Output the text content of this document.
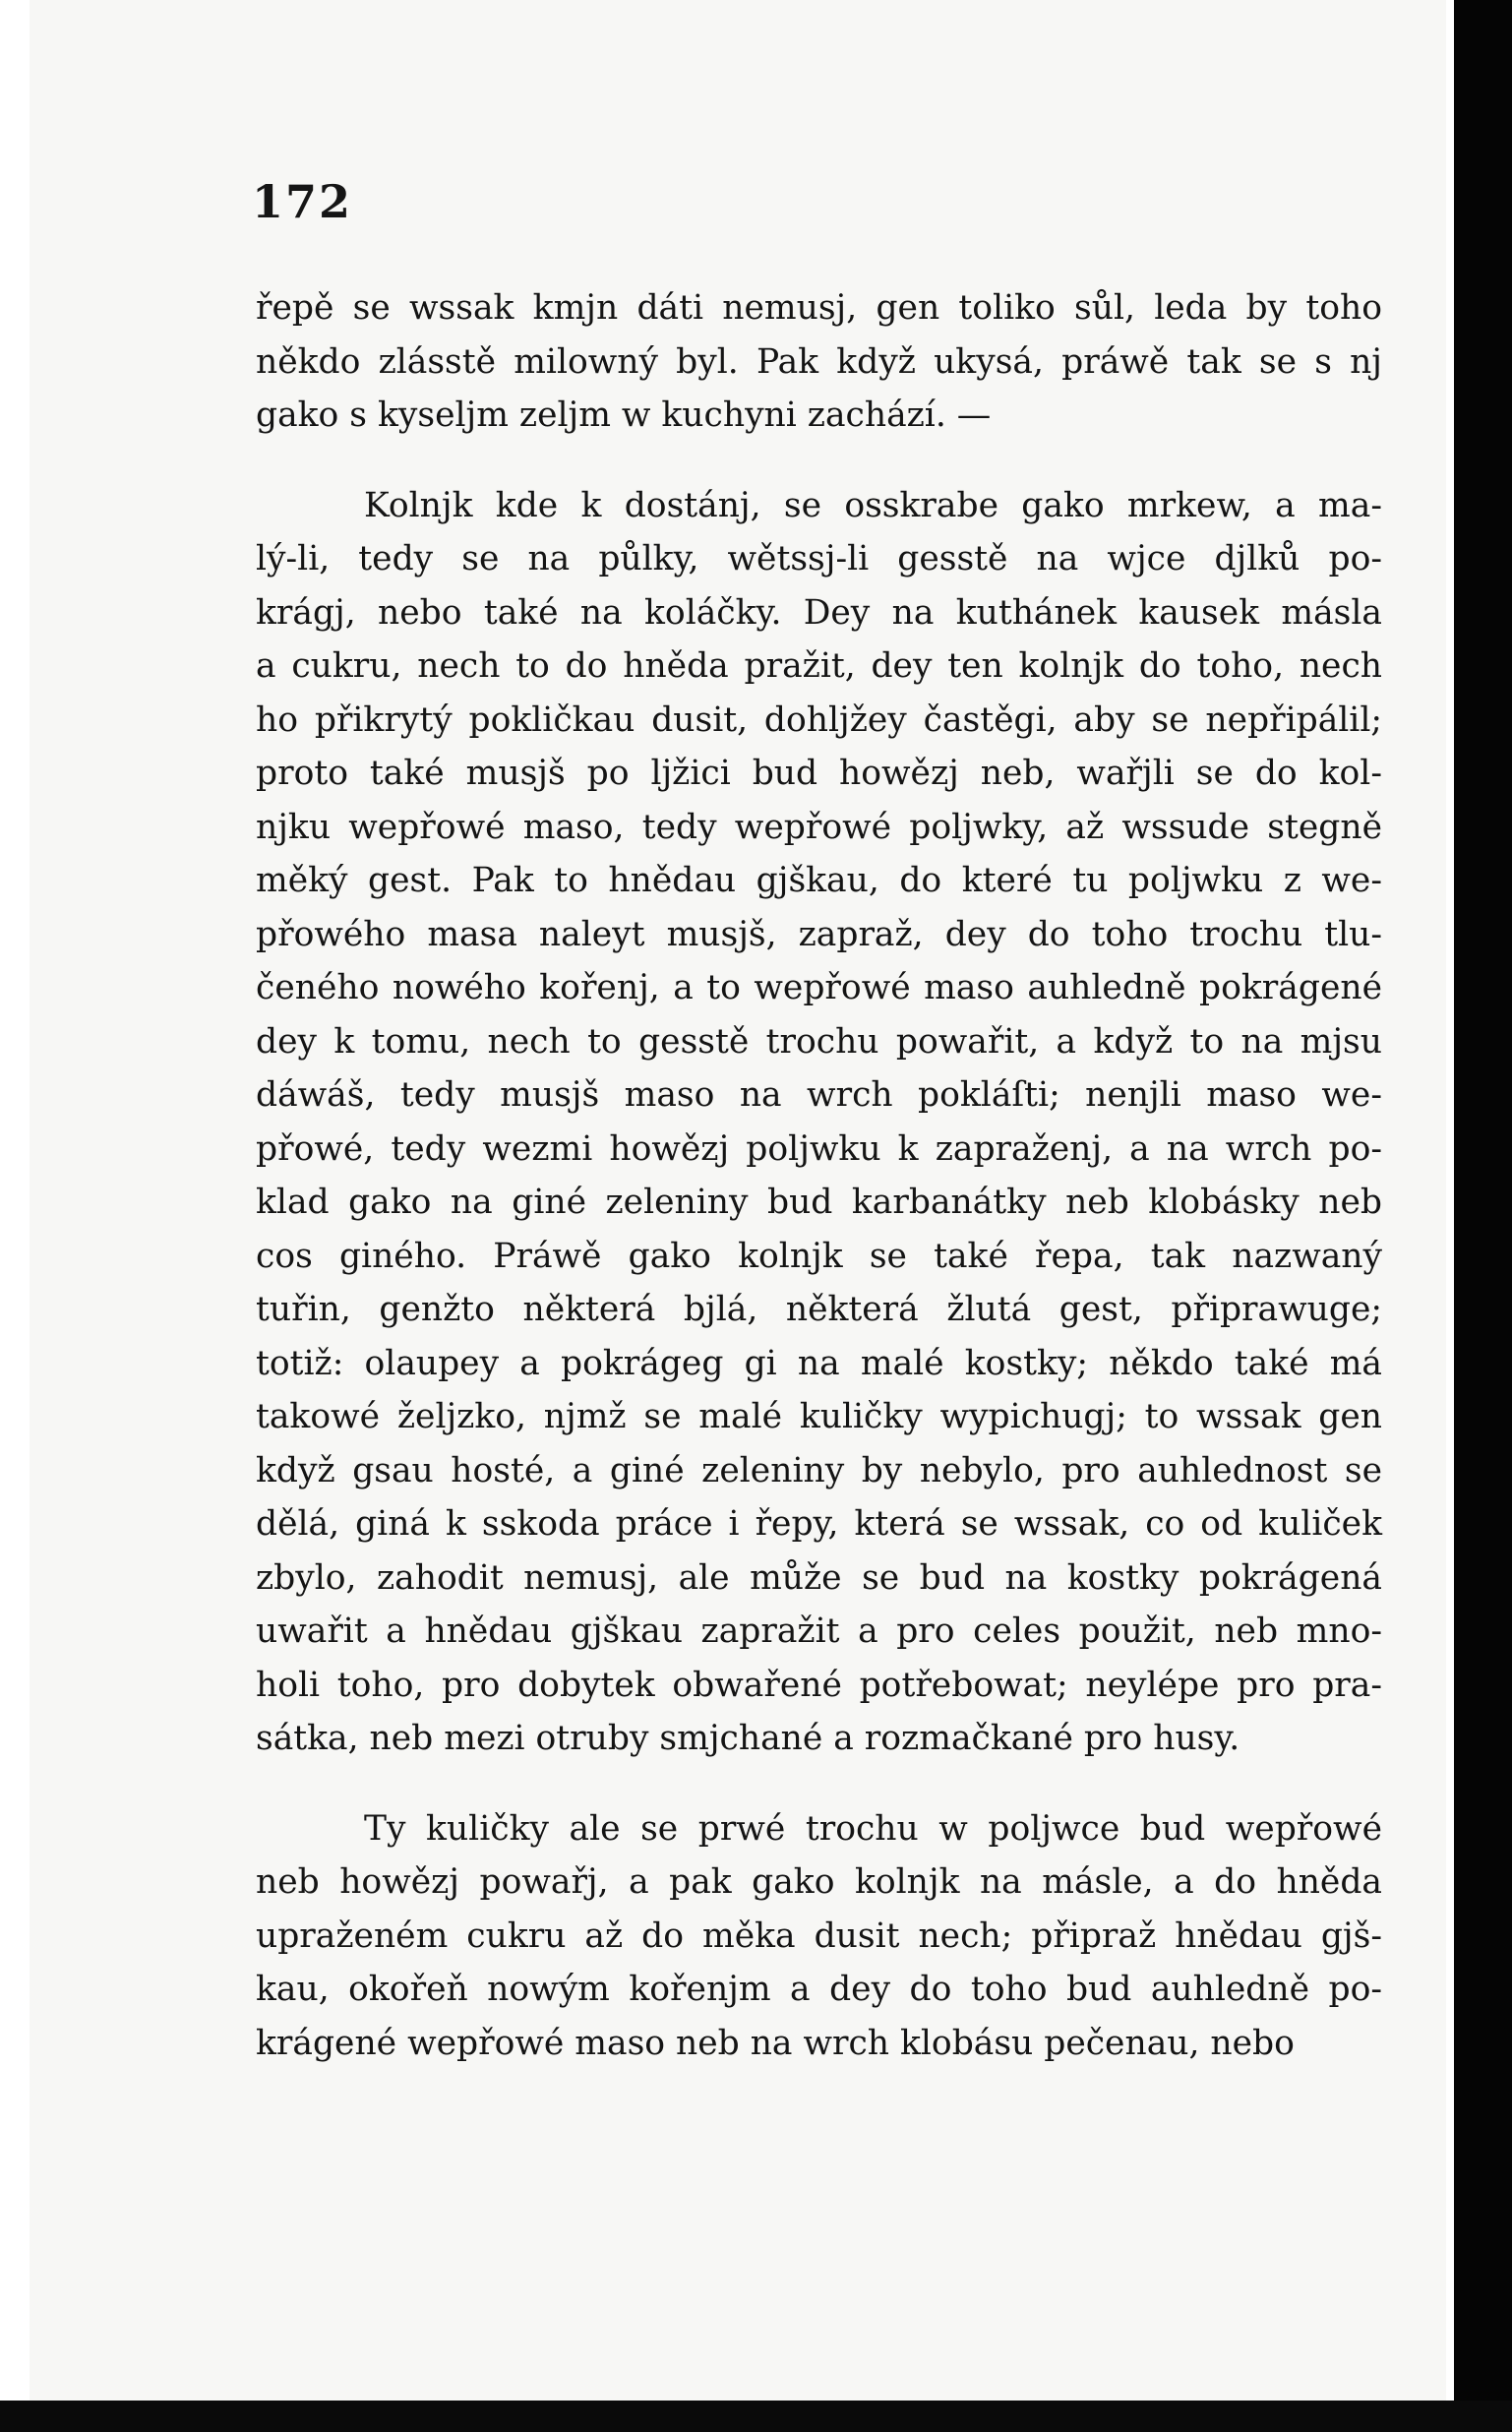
172
řepě se wssak kmjn dáti nemusj, gen toliko sůl, leda by toho
někdo zlásstě milowný byl. Pak když ukysá, práwě tak se s nj
gako s kyseljm zeljm w kuchyni zachází. —
Kolnjk kde k dostánj, se osskrabe gako mrkew, a ma-
lý-li, tedy se na půlky, wětssj-li gesstě na wjce djlků po-
krágj, nebo také na koláčky. Dey na kuthánek kausek másla
a cukru, nech to do hněda pražit, dey ten kolnjk do toho, nech
ho přikrytý pokličkau dusit, dohljžey častěgi, aby se nepřipálil;
proto také musjš po ljžici bud howězj neb, wařjli se do kol-
njku wepřowé maso, tedy wepřowé poljwky, až wssude stegně
měký gest. Pak to hnědau gjškau, do které tu poljwku z we-
přowého masa naleyt musjš, zapraž, dey do toho trochu tlu-
čeného nowého kořenj, a to wepřowé maso auhledně pokrágené
dey k tomu, nech to gesstě trochu powařit, a když to na mjsu
dáwáš, tedy musjš maso na wrch pokláſti; nenjli maso we-
přowé, tedy wezmi howězj poljwku k zapraženj, a na wrch po-
klad gako na giné zeleniny bud karbanátky neb klobásky neb
cos giného. Práwě gako kolnjk se také řepa, tak nazwaný
tuřin, genžto některá bjlá, některá žlutá gest, připrawuge;
totiž: olaupey a pokrágeg gi na malé kostky; někdo také má
takowé željzko, njmž se malé kuličky wypichugj; to wssak gen
když gsau hosté, a giné zeleniny by nebylo, pro auhlednost se
dělá, giná k sskoda práce i řepy, která se wssak, co od kuliček
zbylo, zahodit nemusj, ale může se bud na kostky pokrágená
uwařit a hnědau gjškau zapražit a pro celes použit, neb mno-
holi toho, pro dobytek obwařené potřebowat; neylépe pro pra-
sátka, neb mezi otruby smjchané a rozmačkané pro husy.
Ty kuličky ale se prwé trochu w poljwce bud wepřowé
neb howězj powařj, a pak gako kolnjk na másle, a do hněda
upraženém cukru až do měka dusit nech; připraž hnědau gjš-
kau, okořeň nowým kořenjm a dey do toho bud auhledně po-
krágené wepřowé maso neb na wrch klobásu pečenau, nebo
